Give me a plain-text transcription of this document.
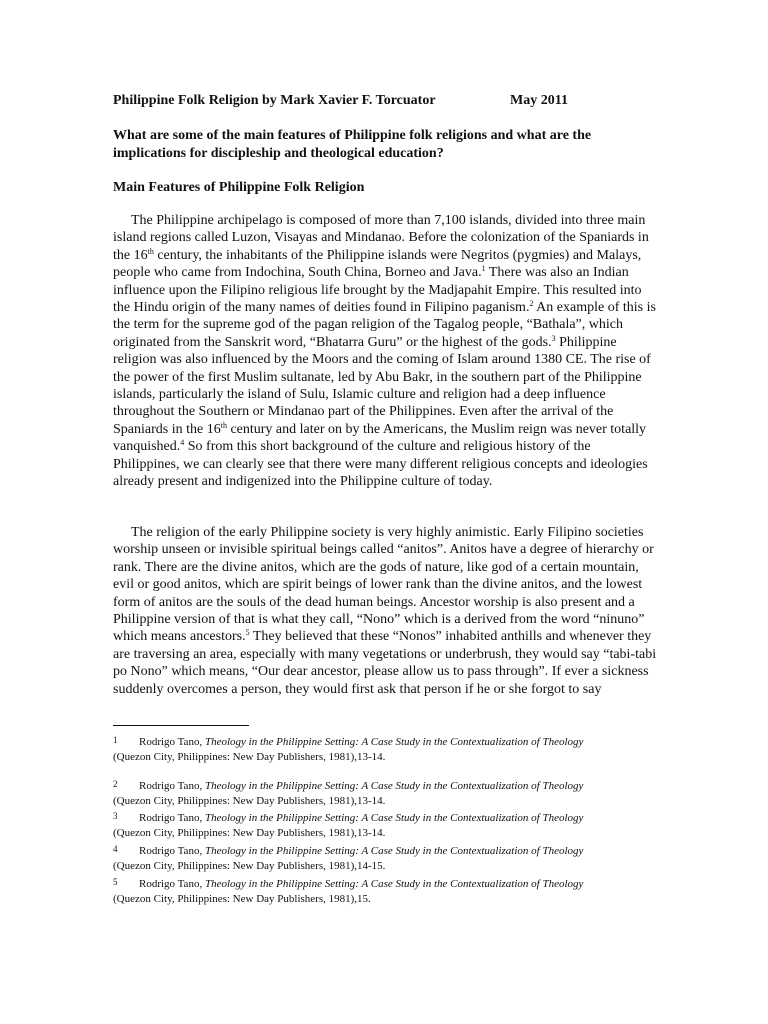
Philippine Folk Religion by Mark Xavier F. Torcuator	May 2011
What are some of the main features of Philippine folk religions and what are the implications for discipleship and theological education?
Main Features of Philippine Folk Religion

The Philippine archipelago is composed of more than 7,100 islands, divided into three main island regions called Luzon, Visayas and Mindanao. Before the colonization of the Spaniards in the 16th century, the inhabitants of the Philippine islands were Negritos (pygmies) and Malays, people who came from Indochina, South China, Borneo and Java.$^1$ There was also an Indian influence upon the Filipino religious life brought by the Madjapahit Empire. This resulted into the Hindu origin of the many names of deities found in Filipino paganism.$^2$ An example of this is the term for the supreme god of the pagan religion of the Tagalog people, “Bathala”, which originated from the Sanskrit word, “Bhatarra Guru” or the highest of the gods.$^3$ Philippine religion was also influenced by the Moors and the coming of Islam around 1380 CE. The rise of the power of the first Muslim sultanate, led by Abu Bakr, in the southern part of the Philippine islands, particularly the island of Sulu, Islamic culture and religion had a deep influence throughout the Southern or Mindanao part of the Philippines. Even after the arrival of the Spaniards in the 16th century and later on by the Americans, the Muslim reign was never totally vanquished.$^4$ So from this short background of the culture and religious history of the Philippines, we can clearly see that there were many different religious concepts and ideologies already present and indigenized into the Philippine culture of today.

The religion of the early Philippine society is very highly animistic. Early Filipino societies worship unseen or invisible spiritual beings called “anitos”. Anitos have a degree of hierarchy or rank. There are the divine anitos, which are the gods of nature, like god of a certain mountain, evil or good anitos, which are spirit beings of lower rank than the divine anitos, and the lowest form of anitos are the souls of the dead human beings. Ancestor worship is also present and a Philippine version of that is what they call, “Nono” which is a derived from the word “ninuno” which means ancestors.$^5$ They believed that these “Nonos” inhabited anthills and whenever they are traversing an area, especially with many vegetations or underbrush, they would say “tabi-tabi po Nono” which means, “Our dear ancestor, please allow us to pass through”. If ever a sickness suddenly overcomes a person, they would first ask that person if he or she forgot to say

1 Rodrigo Tano, Theology in the Philippine Setting: A Case Study in the Contextualization of Theology
(Quezon City, Philippines: New Day Publishers, 1981),13-14.
2 Rodrigo Tano, Theology in the Philippine Setting: A Case Study in the Contextualization of Theology
(Quezon City, Philippines: New Day Publishers, 1981),13-14.
3 Rodrigo Tano, Theology in the Philippine Setting: A Case Study in the Contextualization of Theology
(Quezon City, Philippines: New Day Publishers, 1981),13-14.
4 Rodrigo Tano, Theology in the Philippine Setting: A Case Study in the Contextualization of Theology
(Quezon City, Philippines: New Day Publishers, 1981),14-15.
5 Rodrigo Tano, Theology in the Philippine Setting: A Case Study in the Contextualization of Theology
(Quezon City, Philippines: New Day Publishers, 1981),15.
